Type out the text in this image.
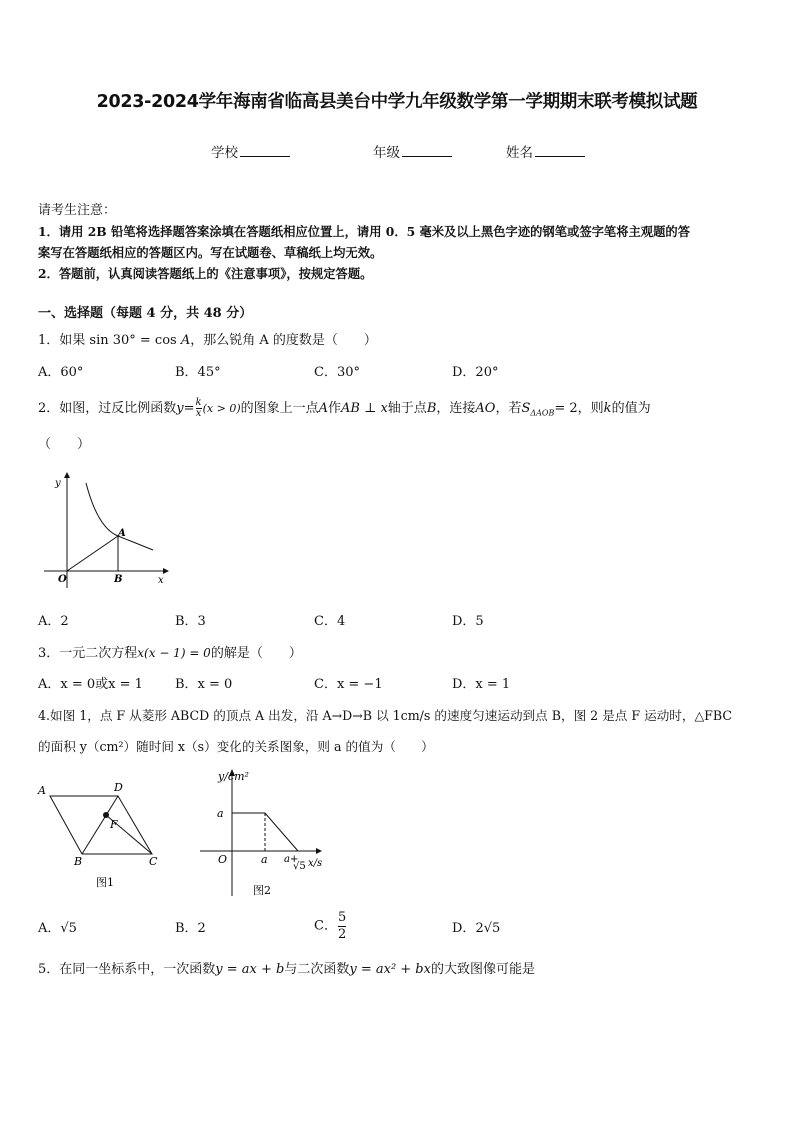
2023-2024学年海南省临高县美台中学九年级数学第一学期期末联考模拟试题
学校	年级	姓名
请考生注意：
1．请用 2B 铅笔将选择题答案涂填在答题纸相应位置上，请用 0．5 毫米及以上黑色字迹的钢笔或签字笔将主观题的答
案写在答题纸相应的答题区内。写在试题卷、草稿纸上均无效。
2．答题前，认真阅读答题纸上的《注意事项》，按规定答题。
一、选择题（每题 4 分，共 48 分）
1．如果 sin 30° = cos A，那么锐角 A 的度数是（　　）
A．60°	B．45°	C．30°	D．20°
2．如图，过反比例函数$y= \frac{k}{x} (x > 0)$的图象上一点A作AB ⊥ x轴于点B，连接AO，若$S_{\Delta AOB}= 2$，则k的值为
（　　）
y
x
O
A
B
A．2	B．3	C．4	D．5
3．一元二次方程x(x − 1) = 0的解是（　　）
A．x = 0或x = 1 B．x = 0	C．x = −1	D．x = 1
4.如图 1，点 F 从菱形 ABCD 的顶点 A 出发，沿 A→D→B 以 1cm/s 的速度匀速运动到点 B，图 2 是点 F 运动时，△FBC
的面积 y（cm²）随时间 x（s）变化的关系图象，则 a 的值为（　　）
A	D
F
B	C
图1
y/cm²
a
O	a a+
√5 x/s
图2
A．√5	B．2	C． $\frac{5}{2}$	D．2√5
5．在同一坐标系中，一次函数y = ax + b与二次函数y = ax² + bx的大致图像可能是
